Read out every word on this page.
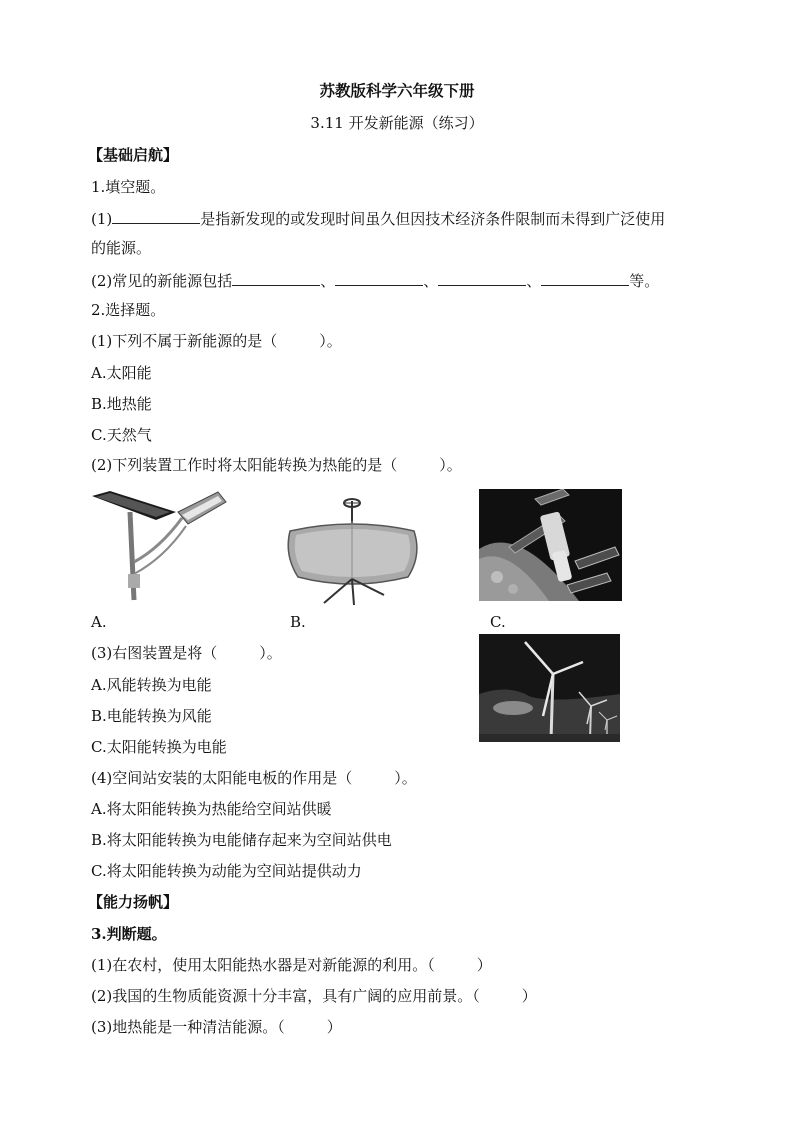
苏教版科学六年级下册
3.11 开发新能源（练习）
【基础启航】
1.填空题。
(1)	是指新发现的或发现时间虽久但因技术经济条件限制而未得到广泛使用
的能源。
(2)常见的新能源包括	、	、	、	等。
2.选择题。
(1)下列不属于新能源的是（	）。
A.太阳能
B.地热能
C.天然气
(2)下列装置工作时将太阳能转换为热能的是（	）。
A.	B.	C.
(3)右图装置是将（	）。
A.风能转换为电能
B.电能转换为风能
C.太阳能转换为电能
(4)空间站安装的太阳能电板的作用是（	）。
A.将太阳能转换为热能给空间站供暖
B.将太阳能转换为电能储存起来为空间站供电
C.将太阳能转换为动能为空间站提供动力
【能力扬帆】
3.判断题。
(1)在农村，使用太阳能热水器是对新能源的利用。（	）
(2)我国的生物质能资源十分丰富，具有广阔的应用前景。（	）
(3)地热能是一种清洁能源。（	）
